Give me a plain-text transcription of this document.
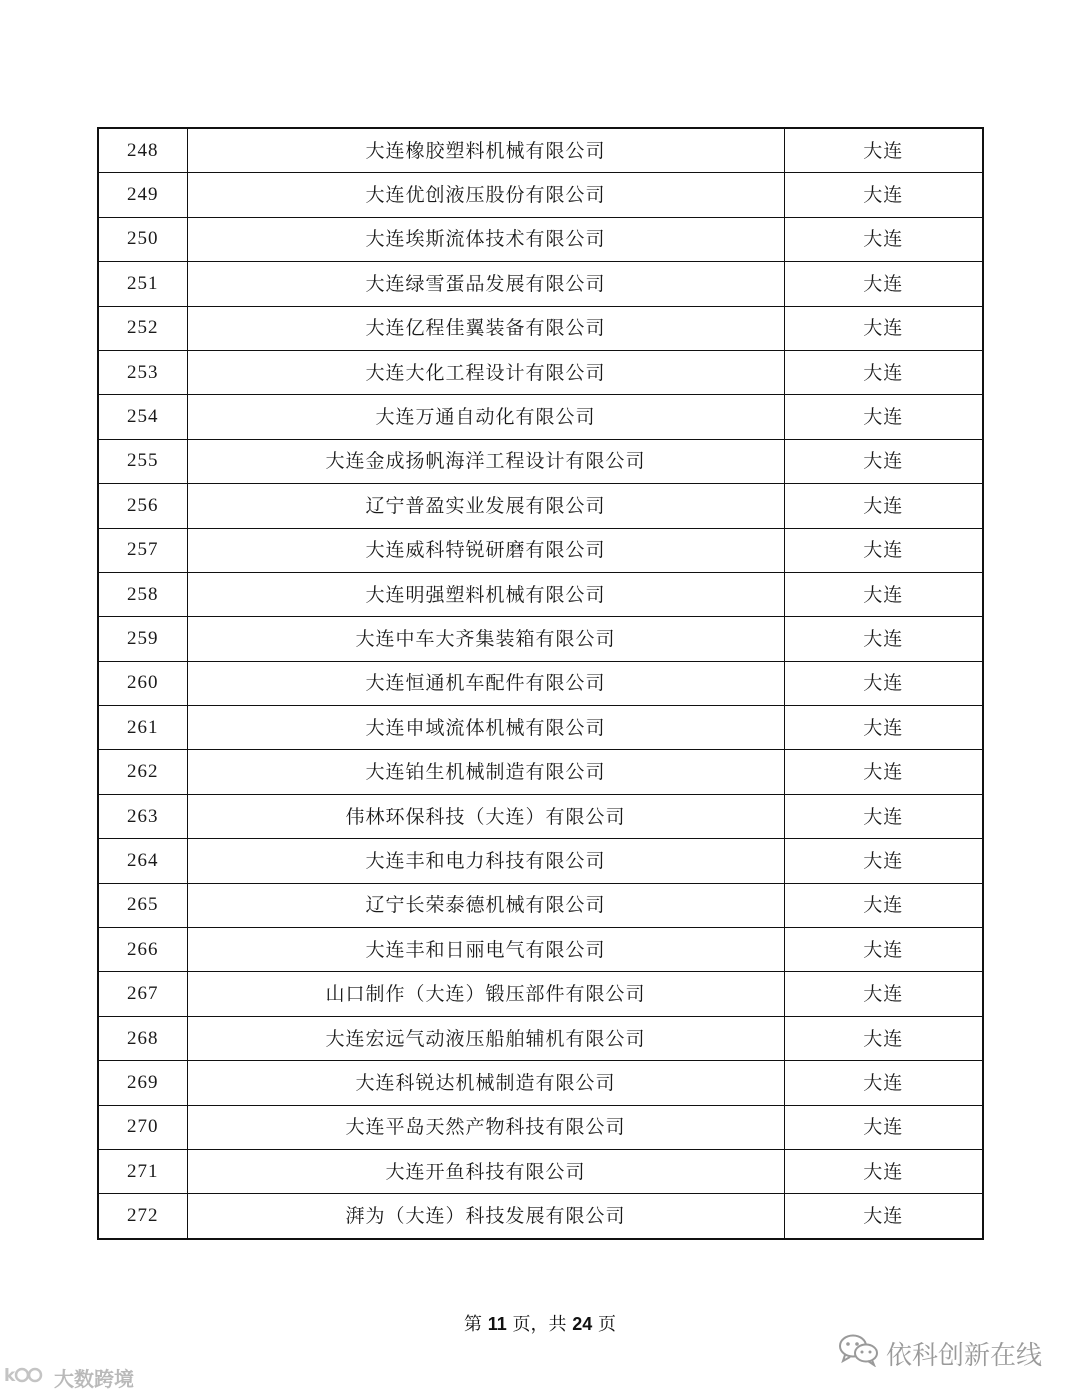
248	大连橡胶塑料机械有限公司	大连
249	大连优创液压股份有限公司	大连
250	大连埃斯流体技术有限公司	大连
251	大连绿雪蛋品发展有限公司	大连
252	大连亿程佳翼装备有限公司	大连
253	大连大化工程设计有限公司	大连
254	大连万通自动化有限公司	大连
255	大连金成扬帆海洋工程设计有限公司	大连
256	辽宁普盈实业发展有限公司	大连
257	大连威科特锐研磨有限公司	大连
258	大连明强塑料机械有限公司	大连
259	大连中车大齐集装箱有限公司	大连
260	大连恒通机车配件有限公司	大连
261	大连申域流体机械有限公司	大连
262	大连铂生机械制造有限公司	大连
263	伟林环保科技（大连）有限公司	大连
264	大连丰和电力科技有限公司	大连
265	辽宁长荣泰德机械有限公司	大连
266	大连丰和日丽电气有限公司	大连
267	山口制作（大连）锻压部件有限公司	大连
268	大连宏远气动液压船舶辅机有限公司	大连
269	大连科锐达机械制造有限公司	大连
270	大连平岛天然产物科技有限公司	大连
271	大连开鱼科技有限公司	大连
272	湃为（大连）科技发展有限公司	大连
第 11 页，共 24 页
依科创新在线
k 大数跨境
